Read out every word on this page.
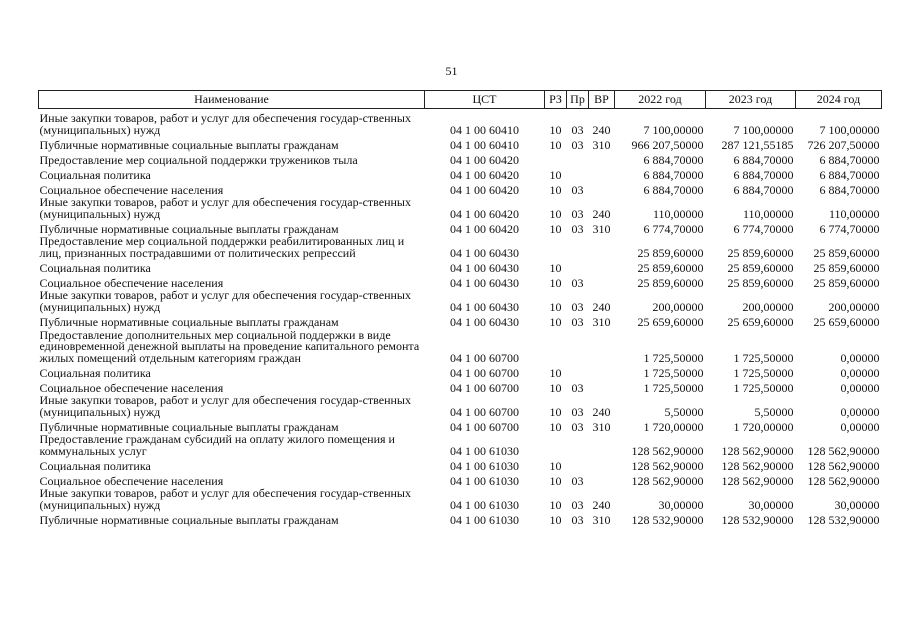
51
Наименование	ЦСТ	РЗ	Пр	ВР	2022 год	2023 год	2024 год
Иные закупки товаров, работ и услуг для обеспечения государ-ственных (муниципальных) нужд	04 1 00 60410	10	03	240	7 100,00000	7 100,00000	7 100,00000
Публичные нормативные социальные выплаты гражданам	04 1 00 60410	10	03	310	966 207,50000	287 121,55185	726 207,50000
Предоставление мер социальной поддержки тружеников тыла	04 1 00 60420				6 884,70000	6 884,70000	6 884,70000
Социальная политика	04 1 00 60420	10			6 884,70000	6 884,70000	6 884,70000
Социальное обеспечение населения	04 1 00 60420	10	03		6 884,70000	6 884,70000	6 884,70000
Иные закупки товаров, работ и услуг для обеспечения государ-ственных (муниципальных) нужд	04 1 00 60420	10	03	240	110,00000	110,00000	110,00000
Публичные нормативные социальные выплаты гражданам	04 1 00 60420	10	03	310	6 774,70000	6 774,70000	6 774,70000
Предоставление мер социальной поддержки реабилитированных лиц и лиц, признанных пострадавшими от политических репрессий	04 1 00 60430				25 859,60000	25 859,60000	25 859,60000
Социальная политика	04 1 00 60430	10			25 859,60000	25 859,60000	25 859,60000
Социальное обеспечение населения	04 1 00 60430	10	03		25 859,60000	25 859,60000	25 859,60000
Иные закупки товаров, работ и услуг для обеспечения государ-ственных (муниципальных) нужд	04 1 00 60430	10	03	240	200,00000	200,00000	200,00000
Публичные нормативные социальные выплаты гражданам	04 1 00 60430	10	03	310	25 659,60000	25 659,60000	25 659,60000
Предоставление дополнительных мер социальной поддержки в виде единовременной денежной выплаты на проведение капитального ремонта жилых помещений отдельным категориям граждан	04 1 00 60700				1 725,50000	1 725,50000	0,00000
Социальная политика	04 1 00 60700	10			1 725,50000	1 725,50000	0,00000
Социальное обеспечение населения	04 1 00 60700	10	03		1 725,50000	1 725,50000	0,00000
Иные закупки товаров, работ и услуг для обеспечения государ-ственных (муниципальных) нужд	04 1 00 60700	10	03	240	5,50000	5,50000	0,00000
Публичные нормативные социальные выплаты гражданам	04 1 00 60700	10	03	310	1 720,00000	1 720,00000	0,00000
Предоставление гражданам субсидий на оплату жилого помещения и коммунальных услуг	04 1 00 61030				128 562,90000	128 562,90000	128 562,90000
Социальная политика	04 1 00 61030	10			128 562,90000	128 562,90000	128 562,90000
Социальное обеспечение населения	04 1 00 61030	10	03		128 562,90000	128 562,90000	128 562,90000
Иные закупки товаров, работ и услуг для обеспечения государ-ственных (муниципальных) нужд	04 1 00 61030	10	03	240	30,00000	30,00000	30,00000
Публичные нормативные социальные выплаты гражданам	04 1 00 61030	10	03	310	128 532,90000	128 532,90000	128 532,90000
